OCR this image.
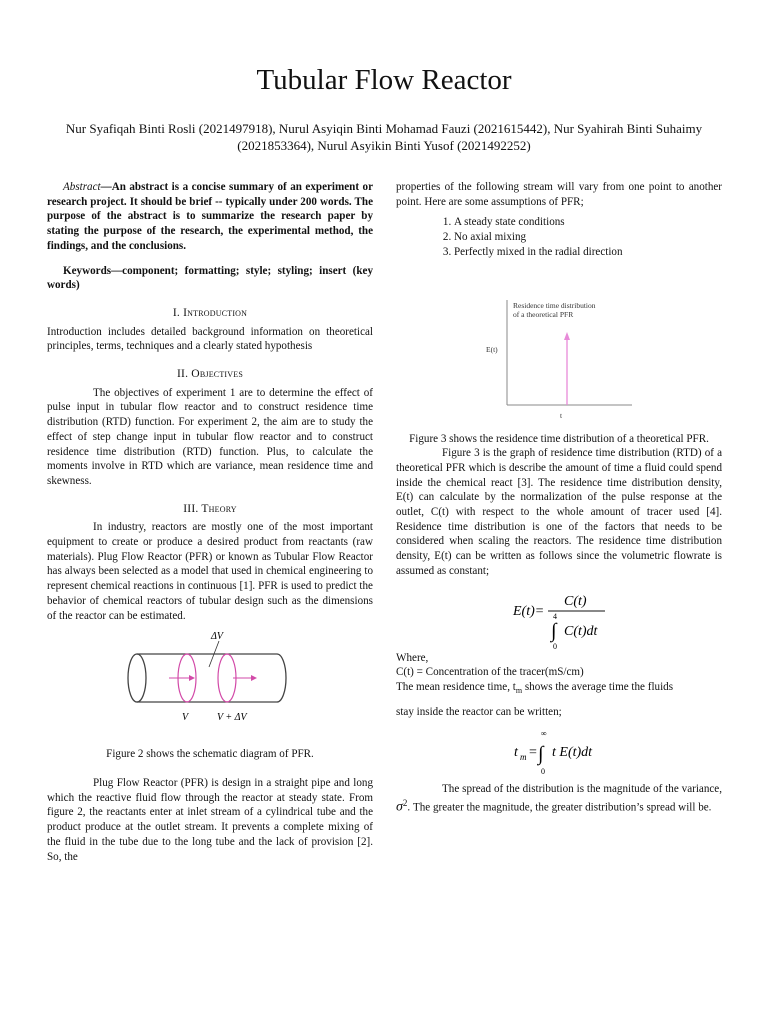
Tubular Flow Reactor
Nur Syafiqah Binti Rosli (2021497918), Nurul Asyiqin Binti Mohamad Fauzi (2021615442), Nur Syahirah Binti Suhaimy (2021853364), Nurul Asyikin Binti Yusof (2021492252)

Abstract—An abstract is a concise summary of an experiment or research project. It should be brief -- typically under 200 words. The purpose of the abstract is to summarize the research paper by stating the purpose of the research, the experimental method, the findings, and the conclusions.

Keywords—component; formatting; style; styling; insert (key words)

I. Introduction

Introduction includes detailed background information on theoretical principles, terms, techniques and a clearly stated hypothesis

II. Objectives

The objectives of experiment 1 are to determine the effect of pulse input in tubular flow reactor and to construct residence time distribution (RTD) function. For experiment 2, the aim are to study the effect of step change input in tubular flow reactor and to construct residence time distribution (RTD) function. Plus, to calculate the moments involve in RTD which are variance, mean residence time and skewness.

III. Theory

In industry, reactors are mostly one of the most important equipment to create or produce a desired product from reactants (raw materials). Plug Flow Reactor (PFR) or known as Tubular Flow Reactor has always been selected as a model that used in chemical engineering to represent chemical reactions in continuous [1]. PFR is used to predict the behavior of chemical reactors of tubular design such as the dimensions of the reactor can be estimated.

ΔV
V	V + ΔV

Figure 2 shows the schematic diagram of PFR.

Plug Flow Reactor (PFR) is design in a straight pipe and long which the reactive fluid flow through the reactor at steady state. From figure 2, the reactants enter at inlet stream of a cylindrical tube and the product produce at the outlet stream. It prevents a complete mixing of the fluid in the tube due to the long tube and the lack of provision [2]. So, the

properties of the following stream will vary from one point to another point. Here are some assumptions of PFR;

1. A steady state conditions
2. No axial mixing
3. Perfectly mixed in the radial direction
Residence time distribution
of a theoretical PFR
E(t)
t

Figure 3 shows the residence time distribution of a theoretical PFR.

Figure 3 is the graph of residence time distribution (RTD) of a theoretical PFR which is describe the amount of time a fluid could spend inside the chemical react [3]. The residence time distribution density, E(t) can calculate by the normalization of the pulse response at the outlet, C(t) with respect to the whole amount of tracer used [4]. Residence time distribution is one of the factors that needs to be considered when scaling the reactors. The residence time distribution density, E(t) can be written as follows since the volumetric flowrate is assumed as constant;

E(t)=
C(t)
4
∫
0
C(t)dt

Where,

C(t) = Concentration of the tracer(mS/cm)

The mean residence time, $t_m$ shows the average time the fluids

stay inside the reactor can be written;

t m =
∞
∫
0
t E(t)dt

The spread of the distribution is the magnitude of the variance, $\sigma^2$. The greater the magnitude, the greater distribution’s spread will be.
